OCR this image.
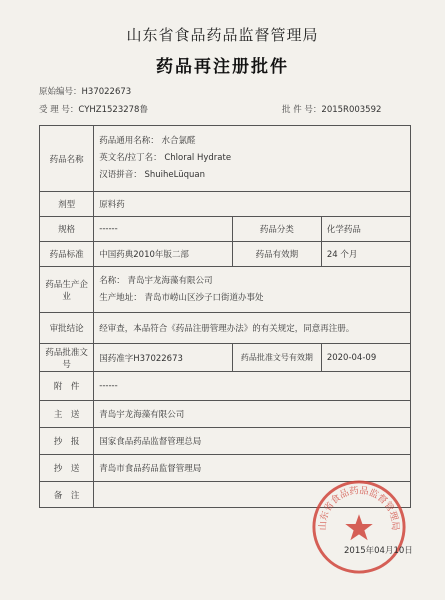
山东省食品药品监督管理局
药品再注册批件
原始编号：H37022673
受 理 号：CYHZ1523278鲁	批 件 号：2015R003592
药品名称	药品通用名称： 水合氯醛
英文名/拉丁名： Chloral Hydrate
汉语拼音： ShuiheLüquan		

剂型	原料药		
规格	------	药品分类	化学药品
药品标准	中国药典2010年版二部	药品有效期	24 个月
药品生产企业	名称： 青岛宇龙海藻有限公司
生产地址： 青岛市崂山区沙子口街道办事处		

审批结论	经审查，本品符合《药品注册管理办法》的有关规定，同意再注册。		
药品批准文号	国药准字H37022673	药品批准文号有效期	2020-04-09
附　件	------		
主　送	青岛宇龙海藻有限公司		
抄　报	国家食品药品监督管理总局		
抄　送	青岛市食品药品监督管理局		
备　注			
山东省食品药品监督管理局
2015年04月10日
